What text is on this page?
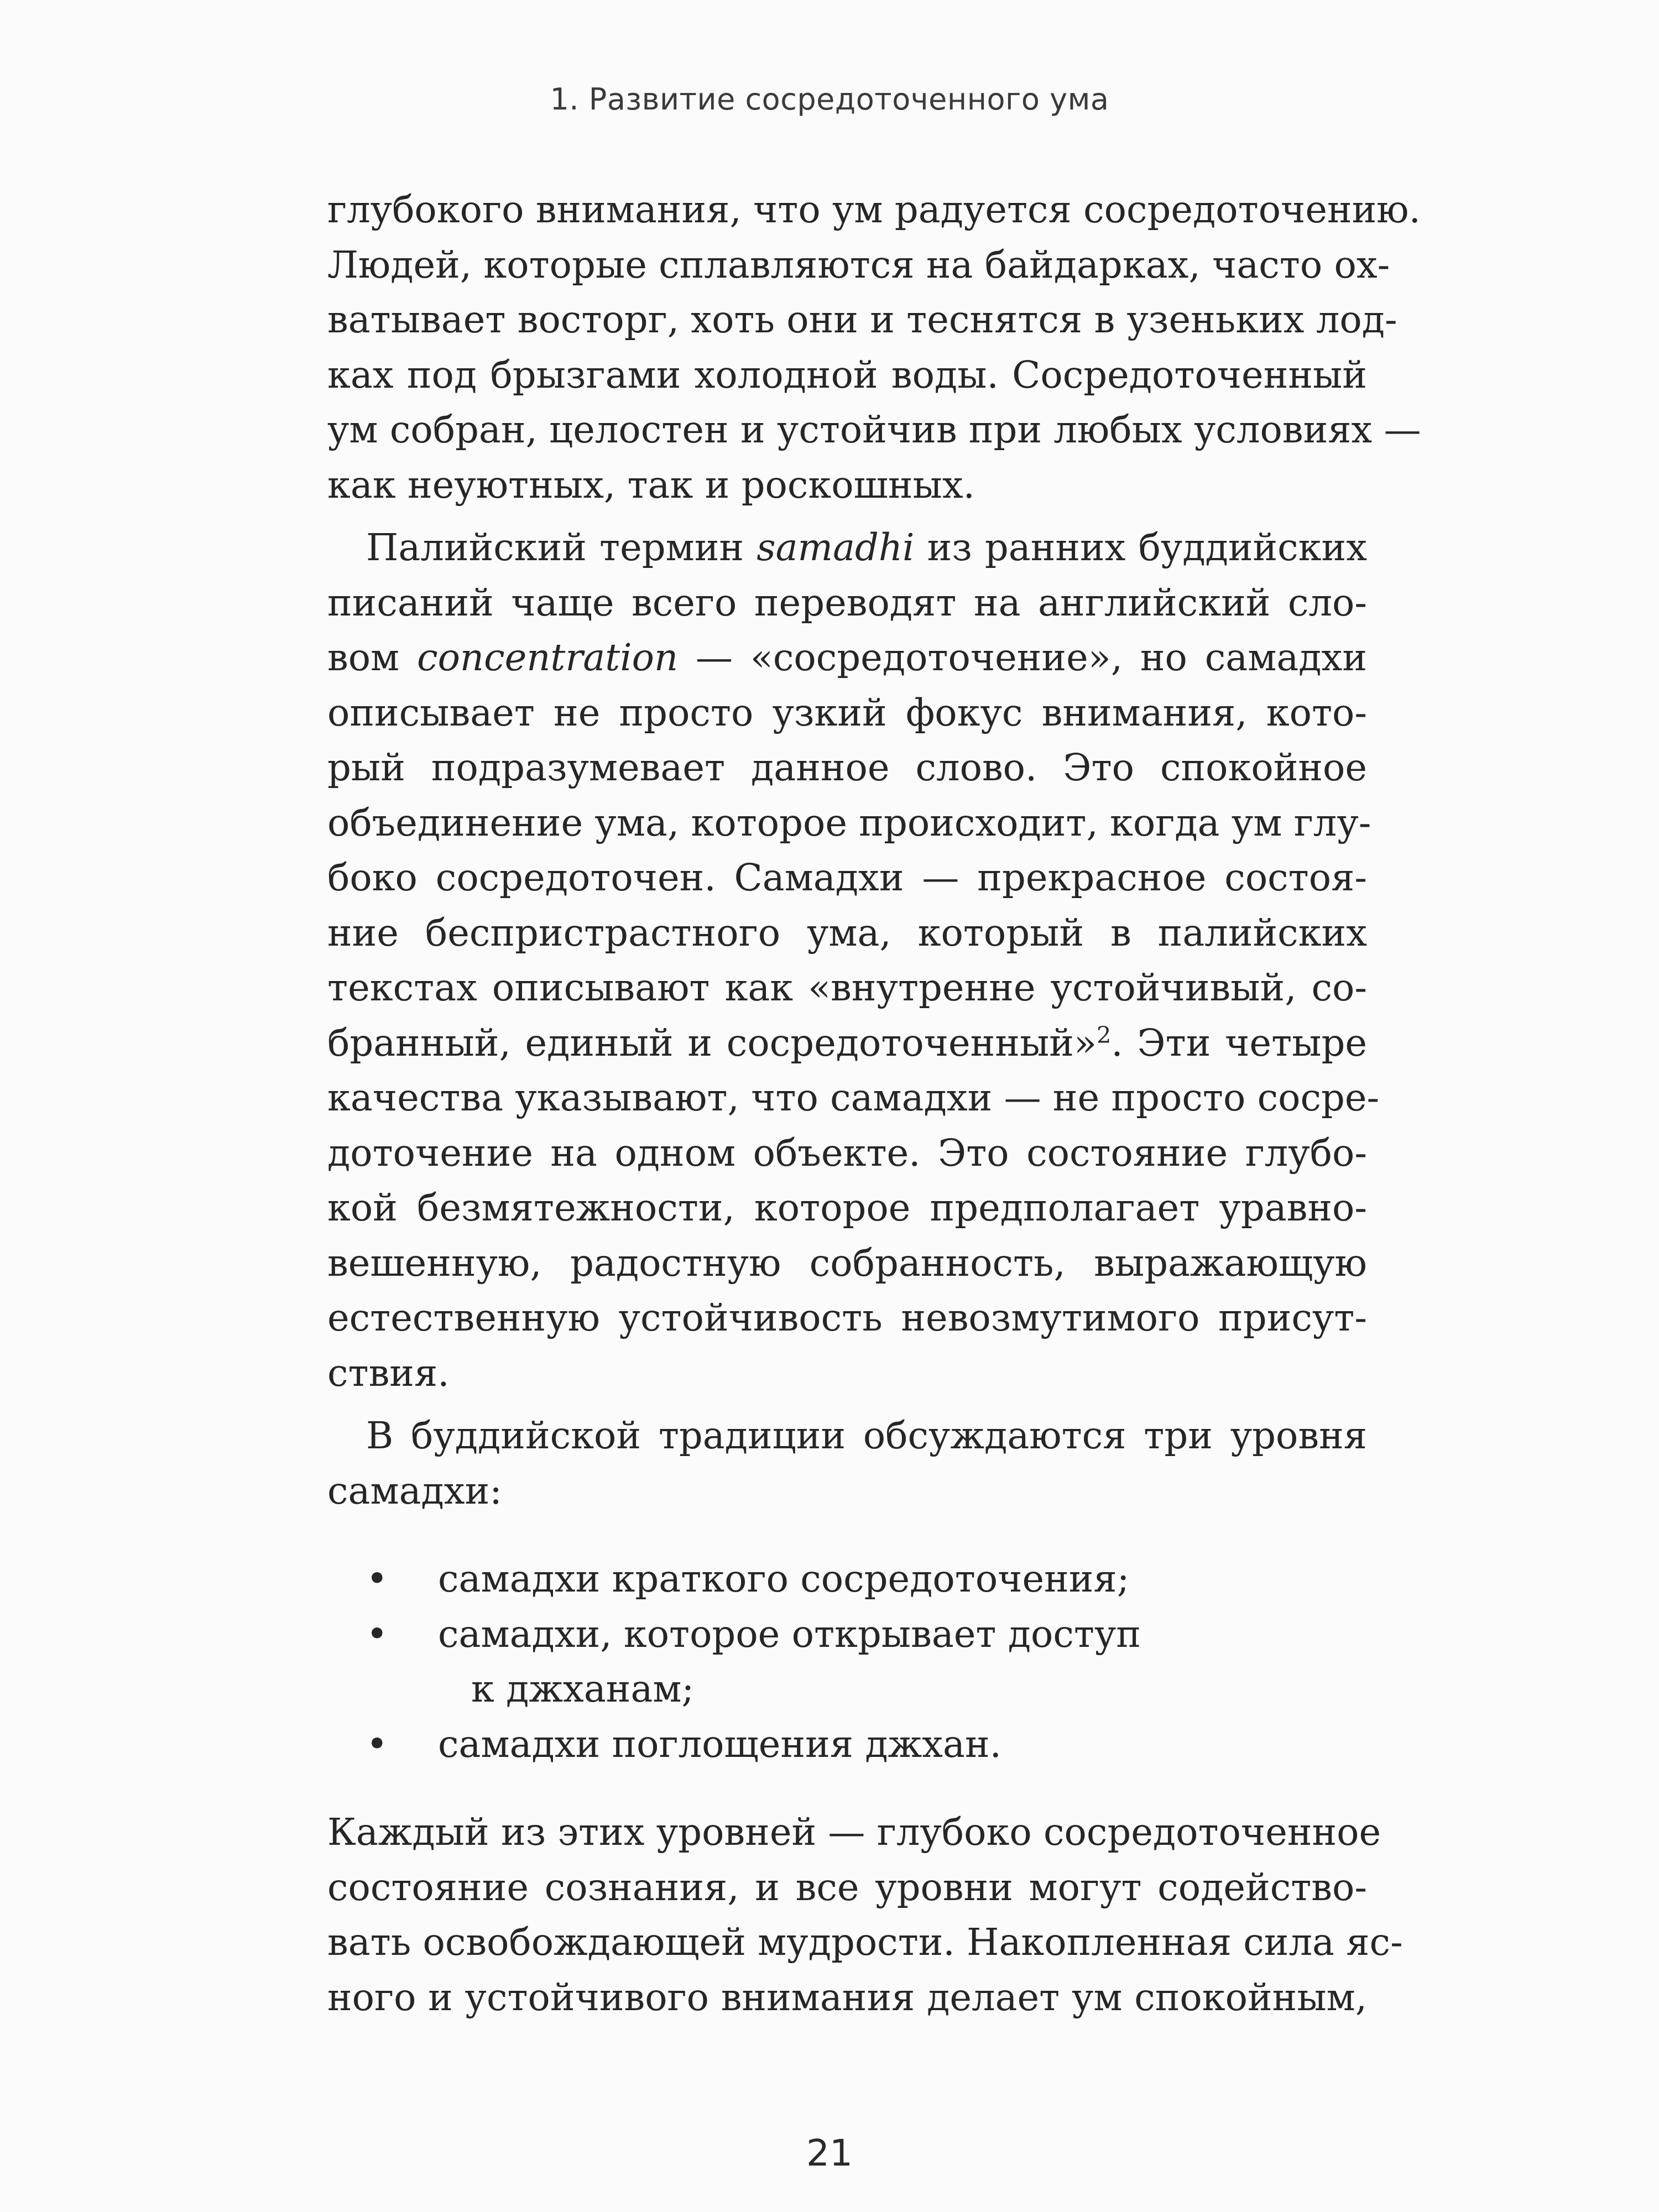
1. Развитие сосредоточенного ума
глубокого внимания, что ум радуется сосредоточению.
Людей, которые сплавляются на байдарках, часто ох-
ватывает восторг, хоть они и теснятся в узеньких лод-
ках под брызгами холодной воды. Сосредоточенный
ум собран, целостен и устойчив при любых условиях —
как неуютных, так и роскошных.
Палийский термин samadhi из ранних буддийских
писаний чаще всего переводят на английский сло-
вом concentration — «сосредоточение», но самадхи
описывает не просто узкий фокус внимания, кото-
рый подразумевает данное слово. Это спокойное
объединение ума, которое происходит, когда ум глу-
боко сосредоточен. Самадхи — прекрасное состоя-
ние беспристрастного ума, который в палийских
текстах описывают как «внутренне устойчивый, со-
бранный, единый и сосредоточенный»$^2$. Эти четыре
качества указывают, что самадхи — не просто сосре-
доточение на одном объекте. Это состояние глубо-
кой безмятежности, которое предполагает уравно-
вешенную, радостную собранность, выражающую
естественную устойчивость невозмутимого присут-
ствия.
В буддийской традиции обсуждаются три уровня
самадхи:
• самадхи краткого сосредоточения;
• самадхи, которое открывает доступ
к джханам;
• самадхи поглощения джхан.
Каждый из этих уровней — глубоко сосредоточенное
состояние сознания, и все уровни могут содейство-
вать освобождающей мудрости. Накопленная сила яс-
ного и устойчивого внимания делает ум спокойным,
21
